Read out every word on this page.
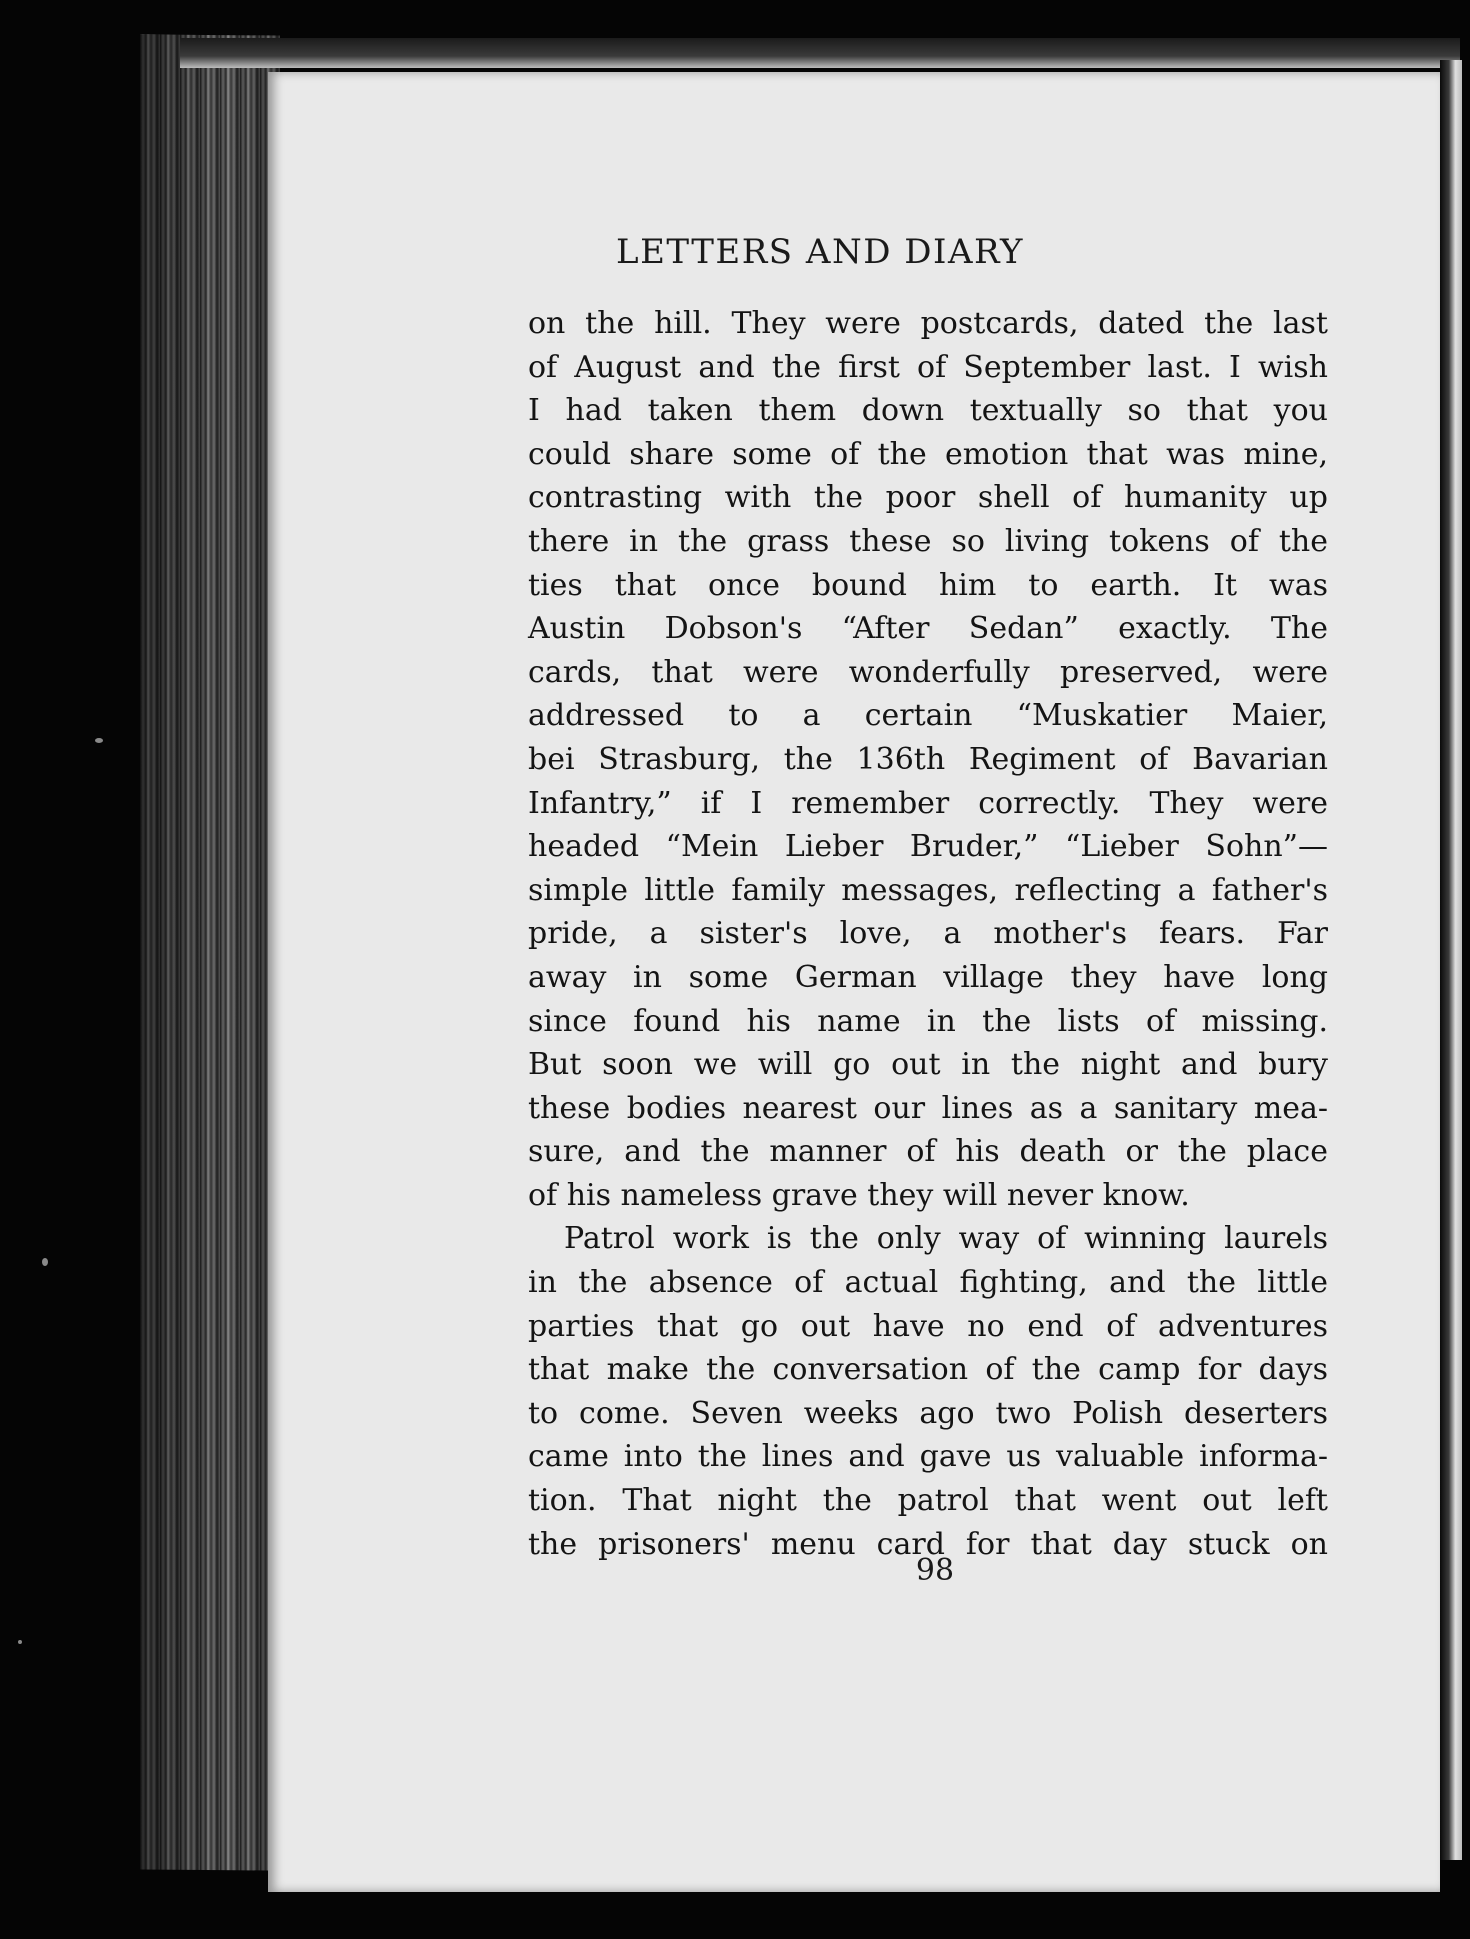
LETTERS AND DIARY
on the hill. They were postcards, dated the last
of August and the first of September last. I wish
I had taken them down textually so that you
could share some of the emotion that was mine,
contrasting with the poor shell of humanity up
there in the grass these so living tokens of the
ties that once bound him to earth. It was
Austin Dobson's “After Sedan” exactly. The
cards, that were wonderfully preserved, were
addressed to a certain “Muskatier Maier,
bei Strasburg, the 136th Regiment of Bavarian
Infantry,” if I remember correctly. They were
headed “Mein Lieber Bruder,” “Lieber Sohn”—
simple little family messages, reflecting a father's
pride, a sister's love, a mother's fears. Far
away in some German village they have long
since found his name in the lists of missing.
But soon we will go out in the night and bury
these bodies nearest our lines as a sanitary mea-
sure, and the manner of his death or the place
of his nameless grave they will never know.
Patrol work is the only way of winning laurels
in the absence of actual fighting, and the little
parties that go out have no end of adventures
that make the conversation of the camp for days
to come. Seven weeks ago two Polish deserters
came into the lines and gave us valuable informa-
tion. That night the patrol that went out left
the prisoners' menu card for that day stuck on
98
